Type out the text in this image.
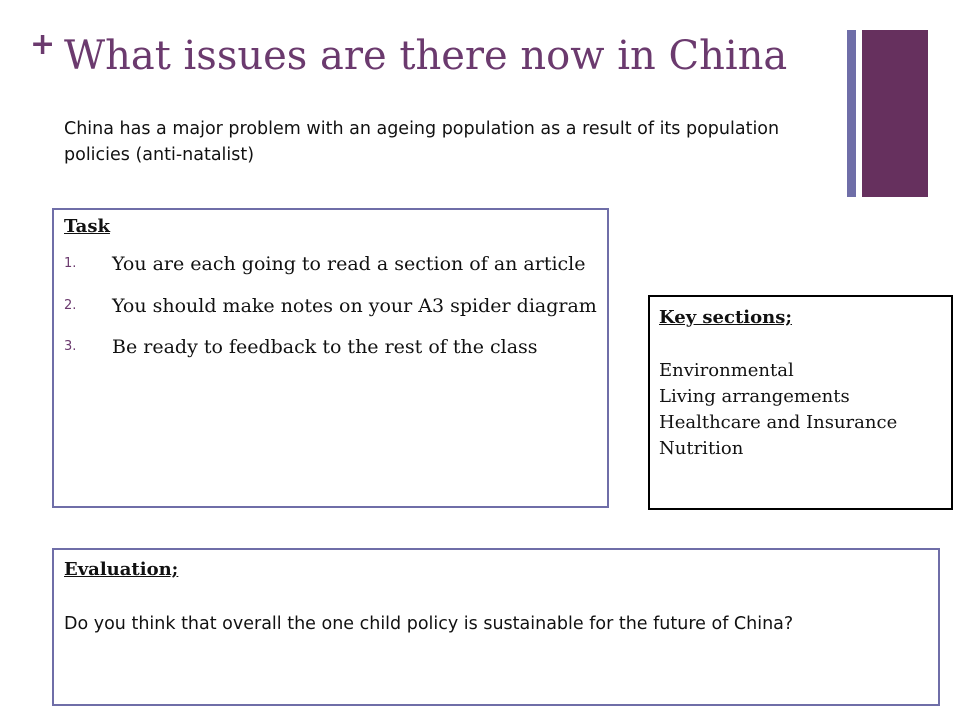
+ What issues are there now in China
China has a major problem with an ageing population as a result of its population policies (anti-natalist)
Task
1.	You are each going to read a section of an article
2.	You should make notes on your A3 spider diagram
3.	Be ready to feedback to the rest of the class
Key sections;
Environmental
Living arrangements
Healthcare and Insurance
Nutrition
Evaluation;
Do you think that overall the one child policy is sustainable for the future of China?
